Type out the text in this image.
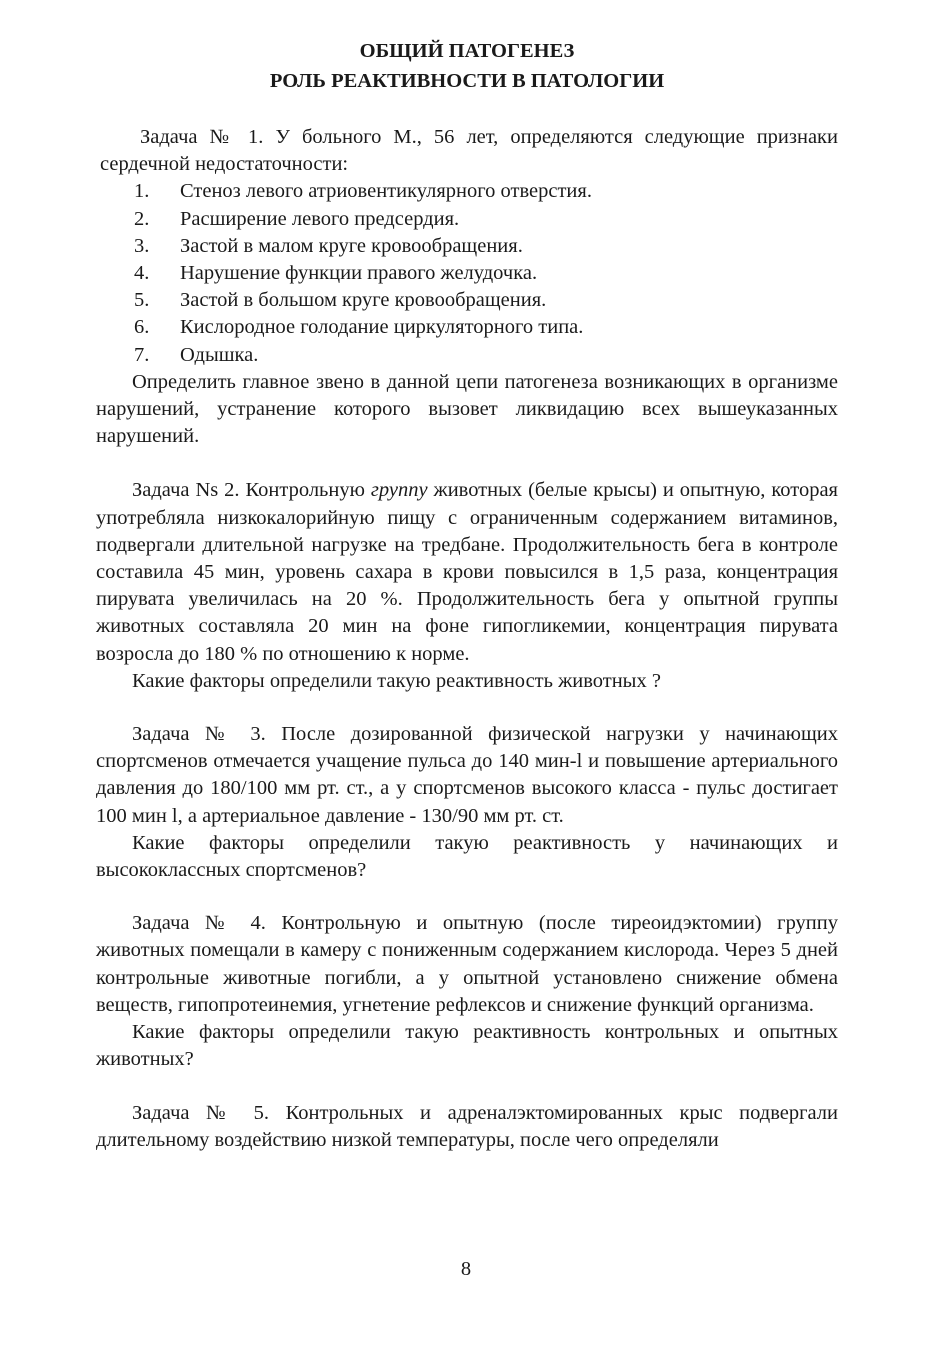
ОБЩИЙ ПАТОГЕНЕЗ
РОЛЬ РЕАКТИВНОСТИ В ПАТОЛОГИИ

Задача № 1. У больного М., 56 лет, определяются следующие признаки сердечной недостаточности:

1.	Стеноз левого атриовентикулярного отверстия.
2.	Расширение левого предсердия.
3.	Застой в малом круге кровообращения.
4.	Нарушение функции правого желудочка.
5.	Застой в большом круге кровообращения.
6.	Кислородное голодание циркуляторного типа.
7.	Одышка.

Определить главное звено в данной цепи патогенеза возникающих в организме нарушений, устранение которого вызовет ликвидацию всех вышеуказанных нарушений.

Задача Ns 2. Контрольную группу животных (белые крысы) и опытную, которая употребляла низкокалорийную пищу с ограниченным содержанием витаминов, подвергали длительной нагрузке на тредбане. Продолжительность бега в контроле составила 45 мин, уровень сахара в крови повысился в 1,5 раза, концентрация пирувата увеличилась на 20 %. Продолжительность бега у опытной группы животных составляла 20 мин на фоне гипогликемии, концентрация пирувата возросла до 180 % по отношению к норме.

Какие факторы определили такую реактивность животных ?

Задача № 3. После дозированной физической нагрузки у начинающих спортсменов отмечается учащение пульса до 140 мин-l и повышение артериального давления до 180/100 мм рт. ст., а у спортсменов высокого класса - пульс достигает 100 мин l, а артериальное давление - 130/90 мм рт. ст.

Какие факторы определили такую реактивность у начинающих и высококлассных спортсменов?

Задача № 4. Контрольную и опытную (после тиреоидэктомии) группу животных помещали в камеру с пониженным содержанием кислорода. Через 5 дней контрольные животные погибли, а у опытной установлено снижение обмена веществ, гипопротеинемия, угнетение рефлексов и снижение функций организма.

Какие факторы определили такую реактивность контрольных и опытных животных?

Задача № 5. Контрольных и адреналэктомированных крыс подвергали длительному воздействию низкой температуры, после чего определяли

8
